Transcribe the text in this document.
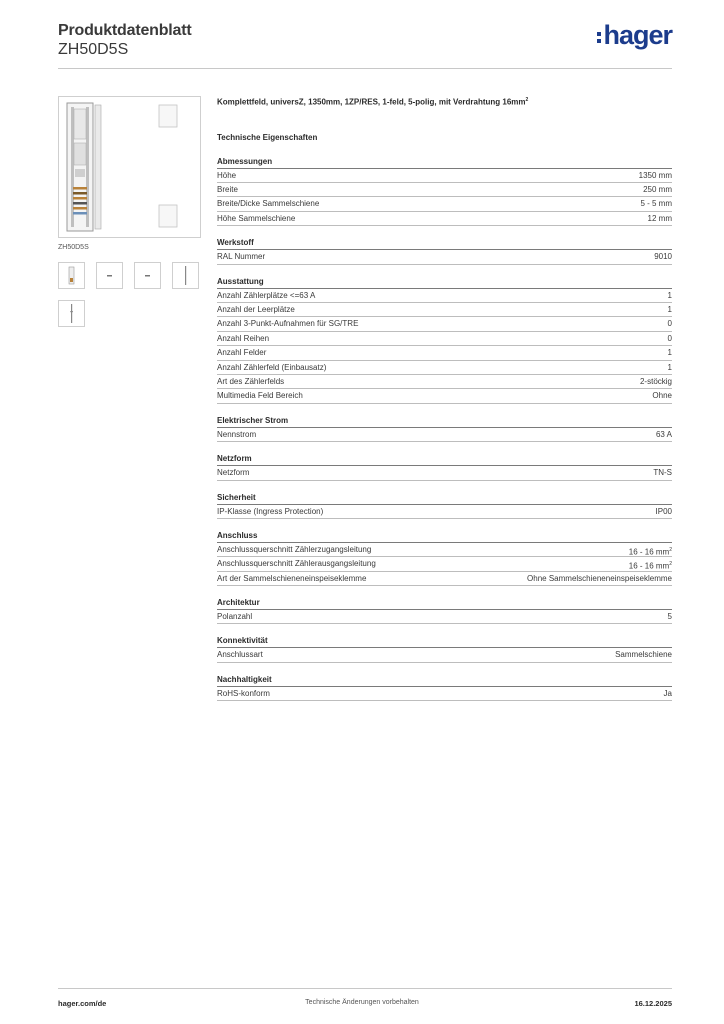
Produktdatenblatt
ZH50D5S	hager
ZH50D5S
Komplettfeld, universZ, 1350mm, 1ZP/RES, 1-feld, 5-polig, mit Verdrahtung $16mm^2$
Technische Eigenschaften
Abmessungen
Höhe	1350 mm
Breite	250 mm
Breite/Dicke Sammelschiene	5 - 5 mm
Höhe Sammelschiene	12 mm
Werkstoff
RAL Nummer	9010
Ausstattung
Anzahl Zählerplätze <=63 A	1
Anzahl der Leerplätze	1
Anzahl 3-Punkt-Aufnahmen für SG/TRE	0
Anzahl Reihen	0
Anzahl Felder	1
Anzahl Zählerfeld (Einbausatz)	1
Art des Zählerfelds	2-stöckig
Multimedia Feld Bereich	Ohne
Elektrischer Strom
Nennstrom	63 A
Netzform
Netzform	TN-S
Sicherheit
IP-Klasse (Ingress Protection)	IP00
Anschluss
Anschlussquerschnitt Zählerzugangsleitung	16 - 16 $mm^2$
Anschlussquerschnitt Zählerausgangsleitung	16 - 16 $mm^2$
Art der Sammelschieneneinspeiseklemme	Ohne Sammelschieneneinspeiseklemme
Architektur
Polanzahl	5
Konnektivität
Anschlussart	Sammelschiene
Nachhaltigkeit
RoHS-konform	Ja
hager.com/de	Technische Änderungen vorbehalten	16.12.2025
